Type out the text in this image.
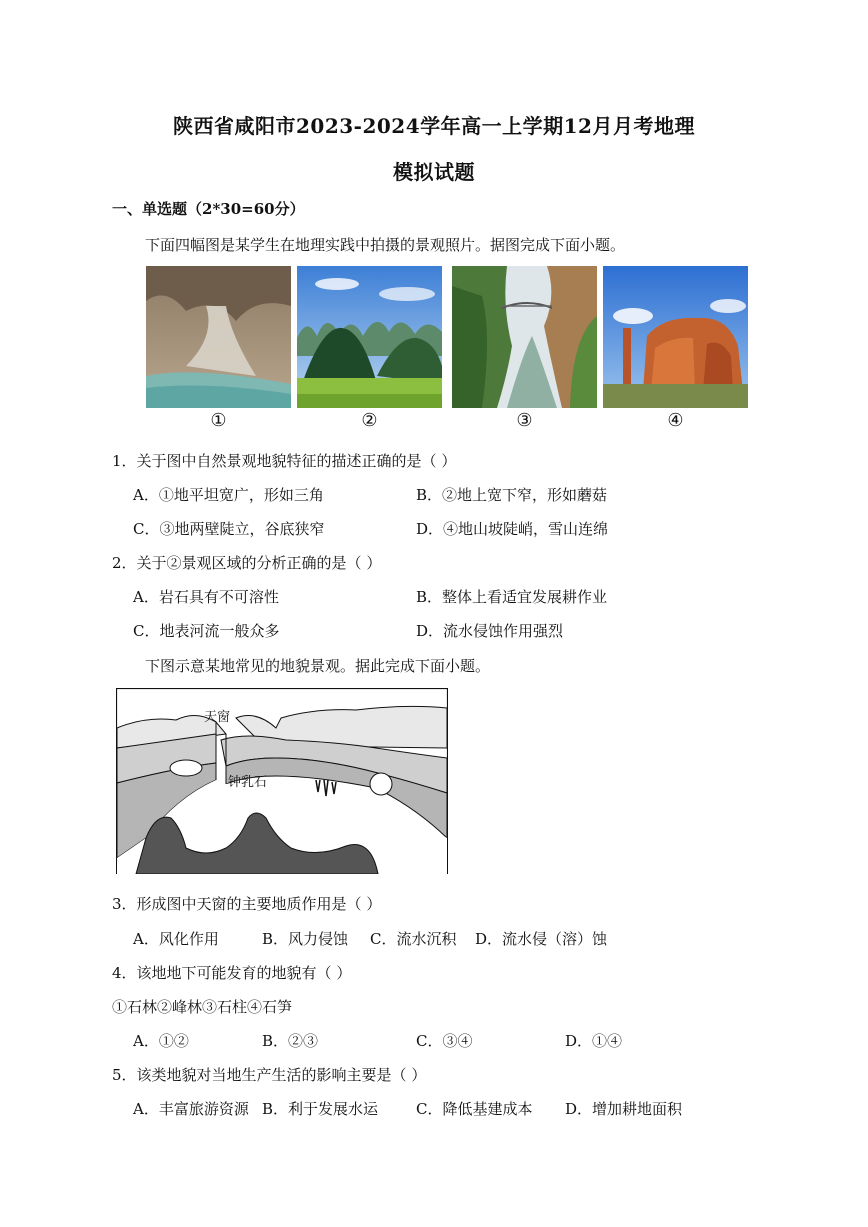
陕西省咸阳市2023-2024学年高一上学期12月月考地理
模拟试题
一、单选题（2*30=60分）
下面四幅图是某学生在地理实践中拍摄的景观照片。据图完成下面小题。
①	②	③	④
1．关于图中自然景观地貌特征的描述正确的是（ ）
A．①地平坦宽广，形如三角	B．②地上宽下窄，形如蘑菇
C．③地两壁陡立，谷底狭窄	D．④地山坡陡峭，雪山连绵
2．关于②景观区域的分析正确的是（ ）
A．岩石具有不可溶性	B．整体上看适宜发展耕作业
C．地表河流一般众多	D．流水侵蚀作用强烈
下图示意某地常见的地貌景观。据此完成下面小题。
天窗
钟乳石
3．形成图中天窗的主要地质作用是（ ）
A．风化作用	B．风力侵蚀 C．流水沉积 D．流水侵（溶）蚀
4．该地地下可能发育的地貌有（ ）
①石林②峰林③石柱④石笋
A．①②	B．②③	C．③④	D．①④
5．该类地貌对当地生产生活的影响主要是（ ）
A．丰富旅游资源 B．利于发展水运	C．降低基建成本 D．增加耕地面积
